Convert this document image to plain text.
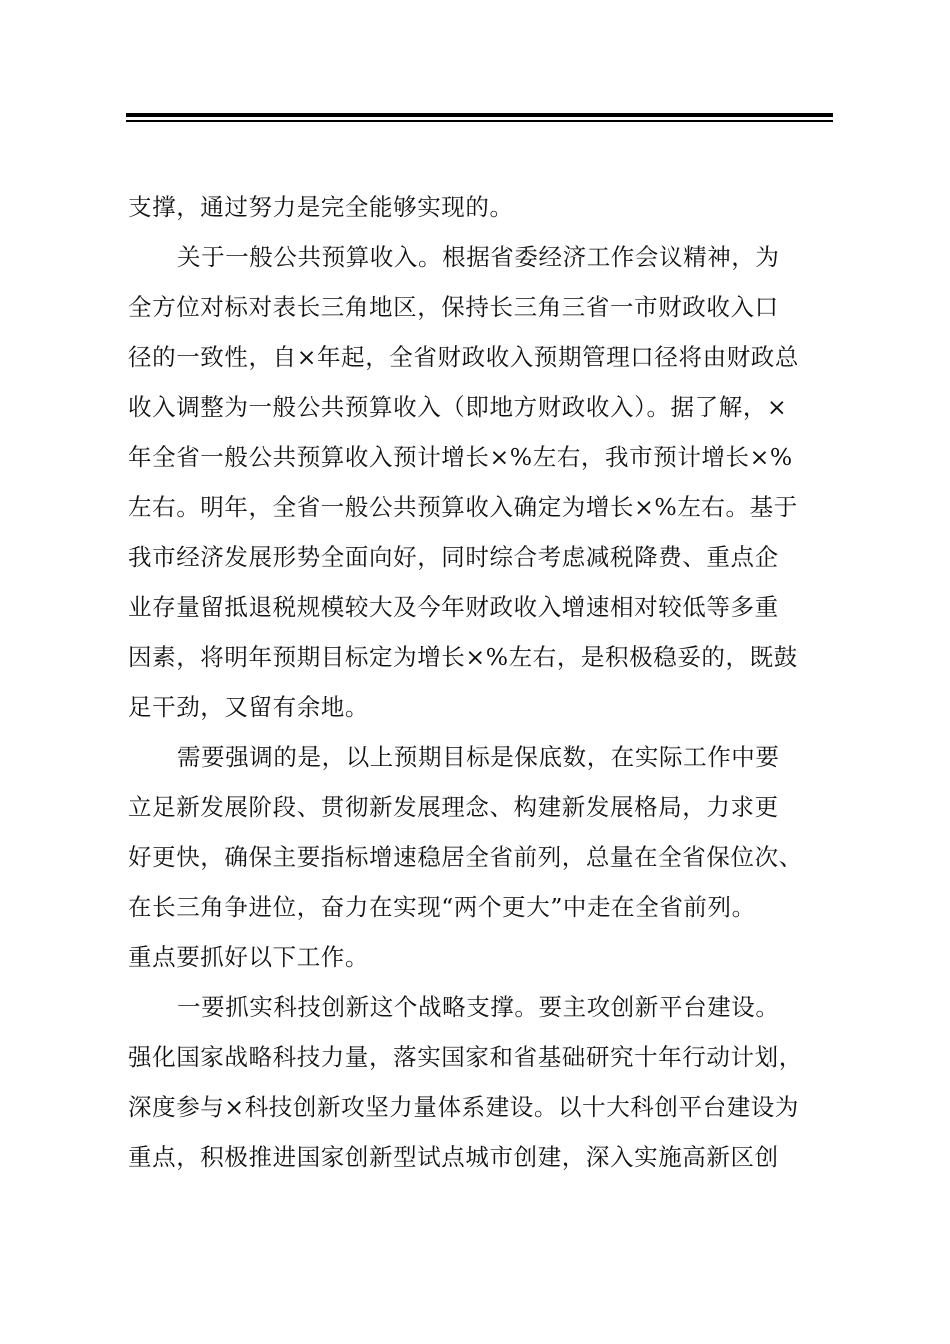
支撑，通过努力是完全能够实现的。
关于一般公共预算收入。根据省委经济工作会议精神，为
全方位对标对表长三角地区，保持长三角三省一市财政收入口
径的一致性，自×年起，全省财政收入预期管理口径将由财政总
收入调整为一般公共预算收入（即地方财政收入）。据了解，×
年全省一般公共预算收入预计增长×%左右，我市预计增长×%
左右。明年，全省一般公共预算收入确定为增长×%左右。基于
我市经济发展形势全面向好，同时综合考虑减税降费、重点企
业存量留抵退税规模较大及今年财政收入增速相对较低等多重
因素，将明年预期目标定为增长×%左右，是积极稳妥的，既鼓
足干劲，又留有余地。
需要强调的是，以上预期目标是保底数，在实际工作中要
立足新发展阶段、贯彻新发展理念、构建新发展格局，力求更
好更快，确保主要指标增速稳居全省前列，总量在全省保位次、
在长三角争进位，奋力在实现“两个更大”中走在全省前列。
重点要抓好以下工作。
一要抓实科技创新这个战略支撑。要主攻创新平台建设。
强化国家战略科技力量，落实国家和省基础研究十年行动计划，
深度参与×科技创新攻坚力量体系建设。以十大科创平台建设为
重点，积极推进国家创新型试点城市创建，深入实施高新区创
